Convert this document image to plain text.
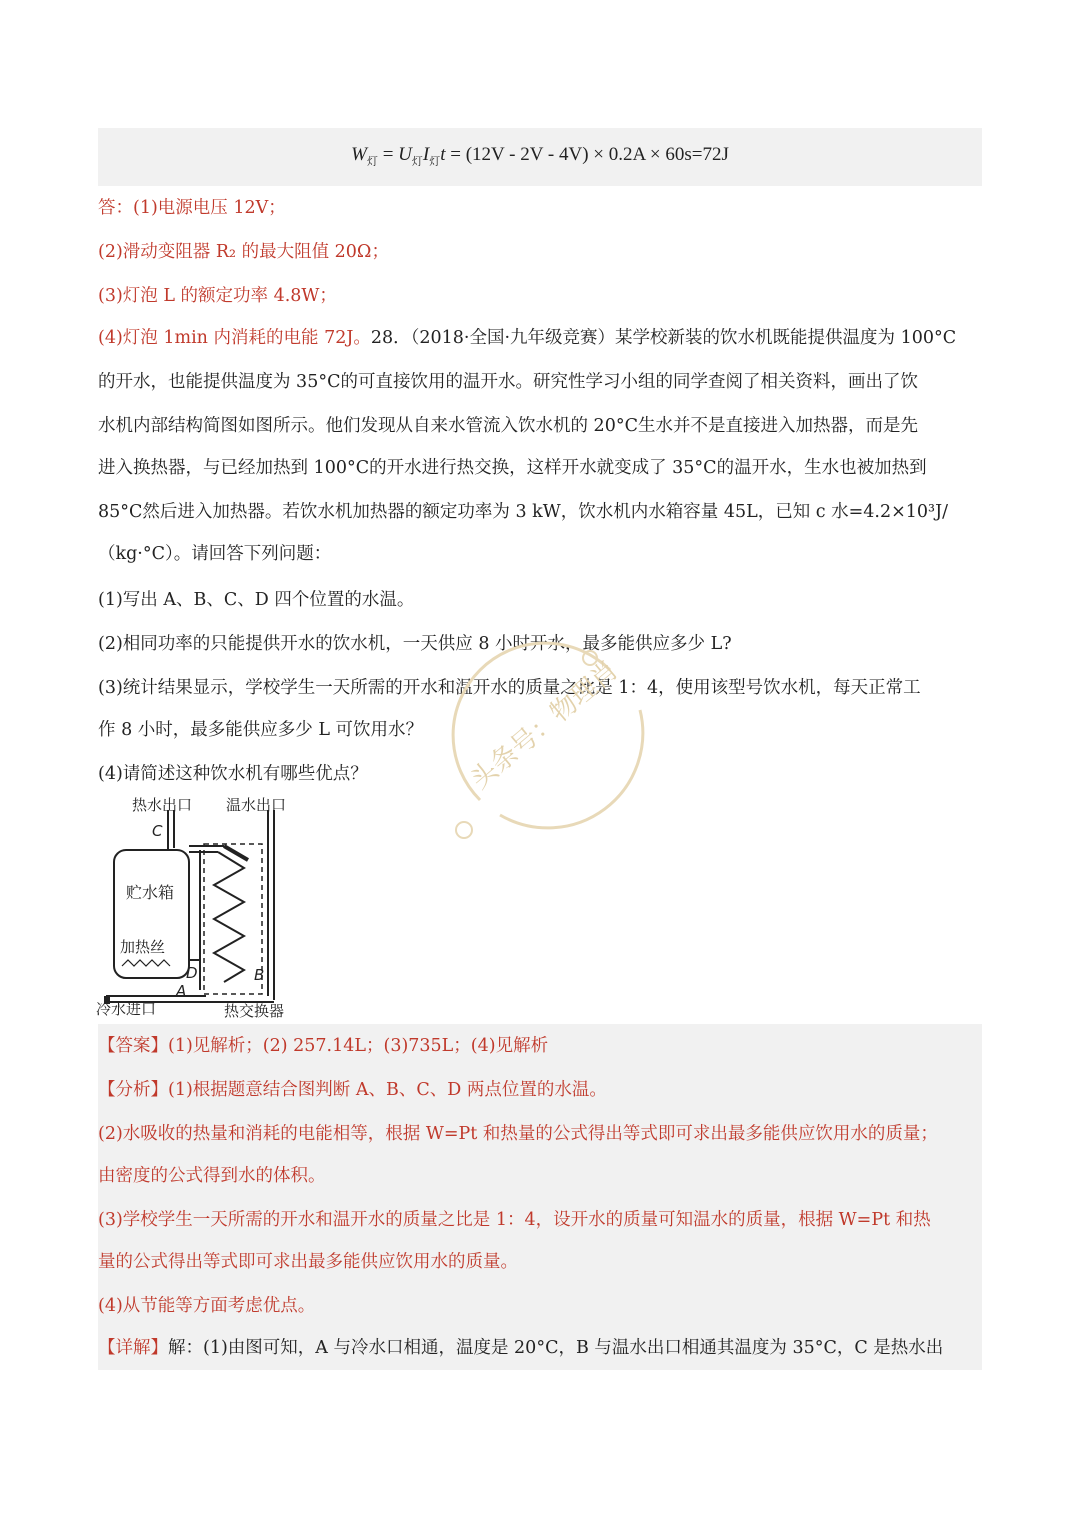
$W_灯 = U_灯I_灯t = (12V - 2V - 4V) \times 0.2A \times 60s=72J$
答：(1)电源电压 12V；
(2)滑动变阻器 R₂ 的最大阻值 20Ω；
(3)灯泡 L 的额定功率 4.8W；
(4)灯泡 1min 内消耗的电能 72J。28．（2018·全国·九年级竞赛）某学校新装的饮水机既能提供温度为 100°C
的开水，也能提供温度为 35°C的可直接饮用的温开水。研究性学习小组的同学查阅了相关资料，画出了饮
水机内部结构简图如图所示。他们发现从自来水管流入饮水机的 20°C生水并不是直接进入加热器，而是先
进入换热器，与已经加热到 100°C的开水进行热交换，这样开水就变成了 35°C的温开水，生水也被加热到
85°C然后进入加热器。若饮水机加热器的额定功率为 3 kW，饮水机内水箱容量 45L，已知 c 水=4.2×10³J/
（kg·°C）。请回答下列问题：
(1)写出 A、B、C、D 四个位置的水温。
(2)相同功率的只能提供开水的饮水机，一天供应 8 小时开水，最多能供应多少 L?
(3)统计结果显示，学校学生一天所需的开水和温开水的质量之比是 1：4，使用该型号饮水机，每天正常工
作 8 小时，最多能供应多少 L 可饮用水？
(4)请简述这种饮水机有哪些优点？	头条号：物理肖
热水出口 温水出口
贮水箱
加热丝
冷水进口	热交换器
C
D
A
B
【答案】(1)见解析；(2) 257.14L；(3)735L；(4)见解析
【分析】(1)根据题意结合图判断 A、B、C、D 两点位置的水温。
(2)水吸收的热量和消耗的电能相等，根据 W=Pt 和热量的公式得出等式即可求出最多能供应饮用水的质量；
由密度的公式得到水的体积。
(3)学校学生一天所需的开水和温开水的质量之比是 1：4，设开水的质量可知温水的质量，根据 W=Pt 和热
量的公式得出等式即可求出最多能供应饮用水的质量。
(4)从节能等方面考虑优点。
【详解】解：(1)由图可知，A 与冷水口相通，温度是 20°C，B 与温水出口相通其温度为 35°C，C 是热水出
